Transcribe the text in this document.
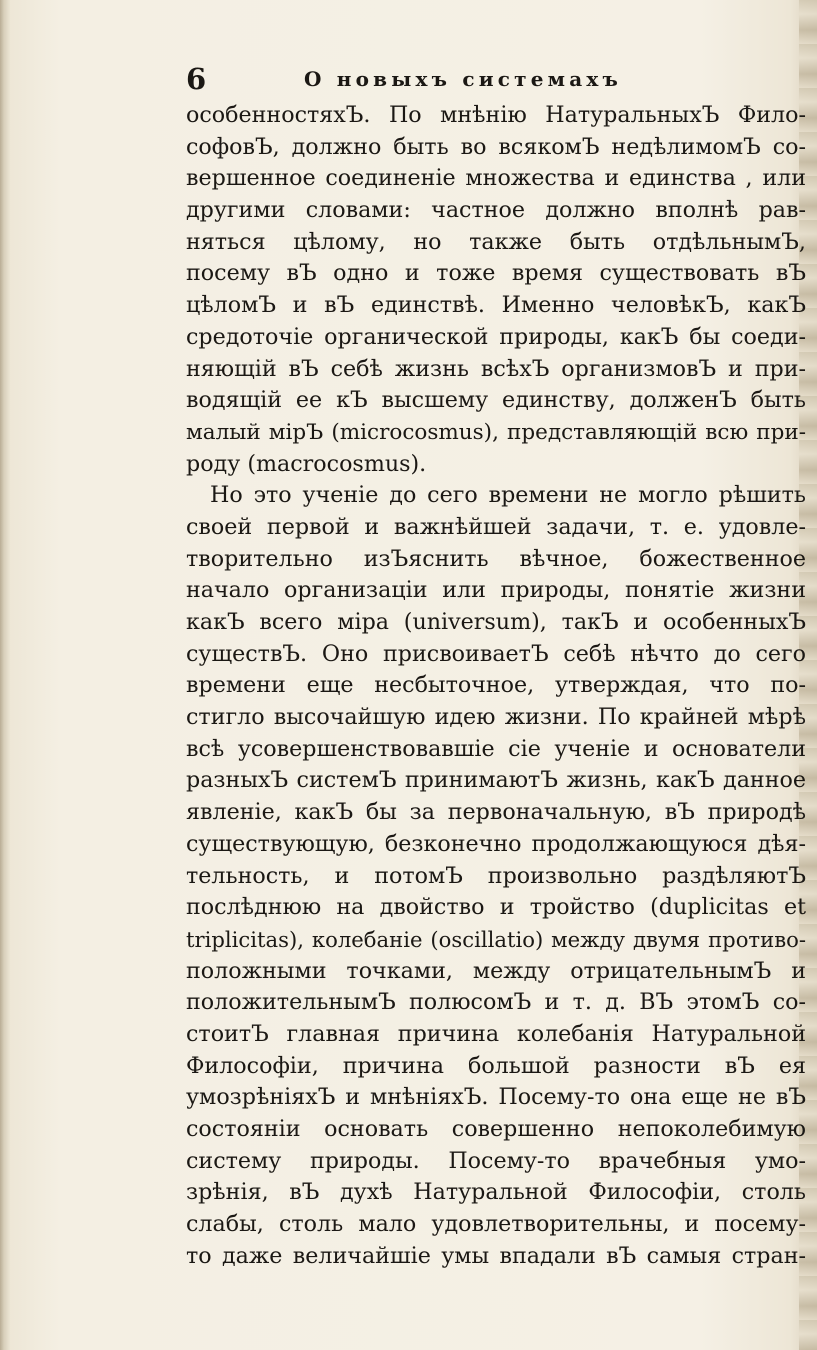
6	О новыхъ системахъ
особенностяхЪ. По мнѣнію НатуральныхЪ Фило-
софовЪ, должно быть во всякомЪ недѣлимомЪ со-
вершенное соединеніе множества и единства , или
другими словами: частное должно вполнѣ рав-
няться цѣлому, но также быть отдѣльнымЪ,
посему вЪ одно и тоже время существовать вЪ
цѣломЪ и вЪ единствѣ. Именно человѣкЪ, какЪ
средоточіе органической природы, какЪ бы соеди-
няющій вЪ себѣ жизнь всѣхЪ организмовЪ и при-
водящій ее кЪ высшему единству, долженЪ быть
малый мірЪ (microcosmus), представляющій всю при-
роду (macrocosmus).
Но это ученіе до сего времени не могло рѣшить
своей первой и важнѣйшей задачи, т. е. удовле-
творительно изЪяснить вѣчное, божественное
начало организаціи или природы, понятіе жизни
какЪ всего міра (universum), такЪ и особенныхЪ
существЪ. Оно присвоиваетЪ себѣ нѣчто до сего
времени еще несбыточное, утверждая, что по-
стигло высочайшую идею жизни. По крайней мѣрѣ
всѣ усовершенствовавшіе сіе ученіе и основатели
разныхЪ системЪ принимаютЪ жизнь, какЪ данное
явленіе, какЪ бы за первоначальную, вЪ природѣ
существующую, безконечно продолжающуюся дѣя-
тельность, и потомЪ произвольно раздѣляютЪ
послѣднюю на двойство и тройство (duplicitas et
triplicitas), колебаніе (oscillatio) между двумя противо-
положными точками, между отрицательнымЪ и
положительнымЪ полюсомЪ и т. д. ВЪ этомЪ со-
стоитЪ главная причина колебанія Натуральной
Философіи, причина большой разности вЪ ея
умозрѣніяхЪ и мнѣніяхЪ. Посему-то она еще не вЪ
состояніи основать совершенно непоколебимую
систему природы. Посему-то врачебныя умо-
зрѣнія, вЪ духѣ Натуральной Философіи, столь
слабы, столь мало удовлетворительны, и посему-
то даже величайшіе умы впадали вЪ самыя стран-
